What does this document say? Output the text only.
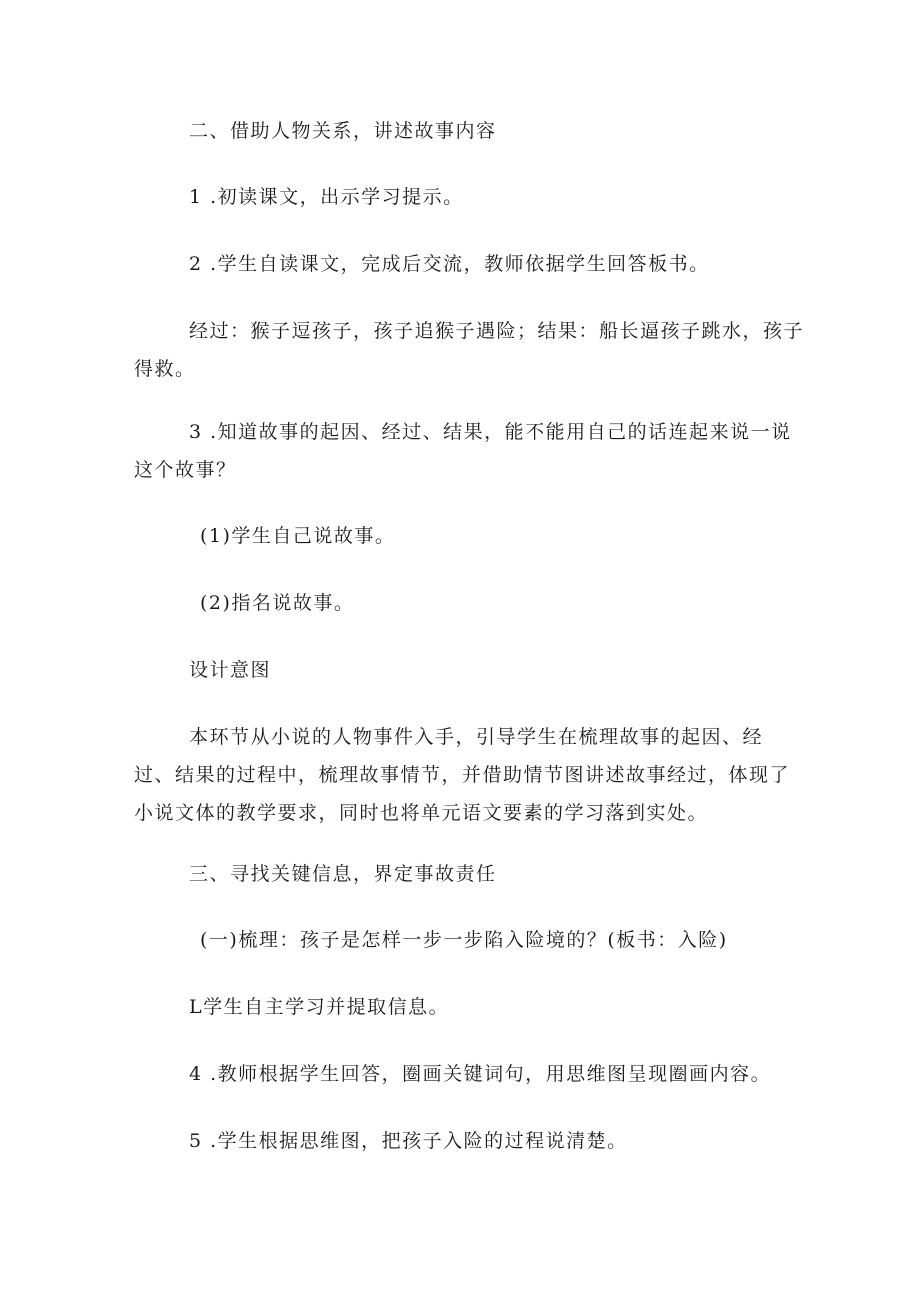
二、借助人物关系，讲述故事内容

1 .初读课文，出示学习提示。

2 .学生自读课文，完成后交流，教师依据学生回答板书。

经过：猴子逗孩子，孩子追猴子遇险；结果：船长逼孩子跳水，孩子
得救。
3 .知道故事的起因、经过、结果，能不能用自己的话连起来说一说
这个故事？

(1)学生自己说故事。

(2)指名说故事。

设计意图

本环节从小说的人物事件入手，引导学生在梳理故事的起因、经
过、结果的过程中，梳理故事情节，并借助情节图讲述故事经过，体现了
小说文体的教学要求，同时也将单元语文要素的学习落到实处。

三、寻找关键信息，界定事故责任

(一)梳理：孩子是怎样一步一步陷入险境的？(板书：入险)

L学生自主学习并提取信息。

4 .教师根据学生回答，圈画关键词句，用思维图呈现圈画内容。

5 .学生根据思维图，把孩子入险的过程说清楚。
